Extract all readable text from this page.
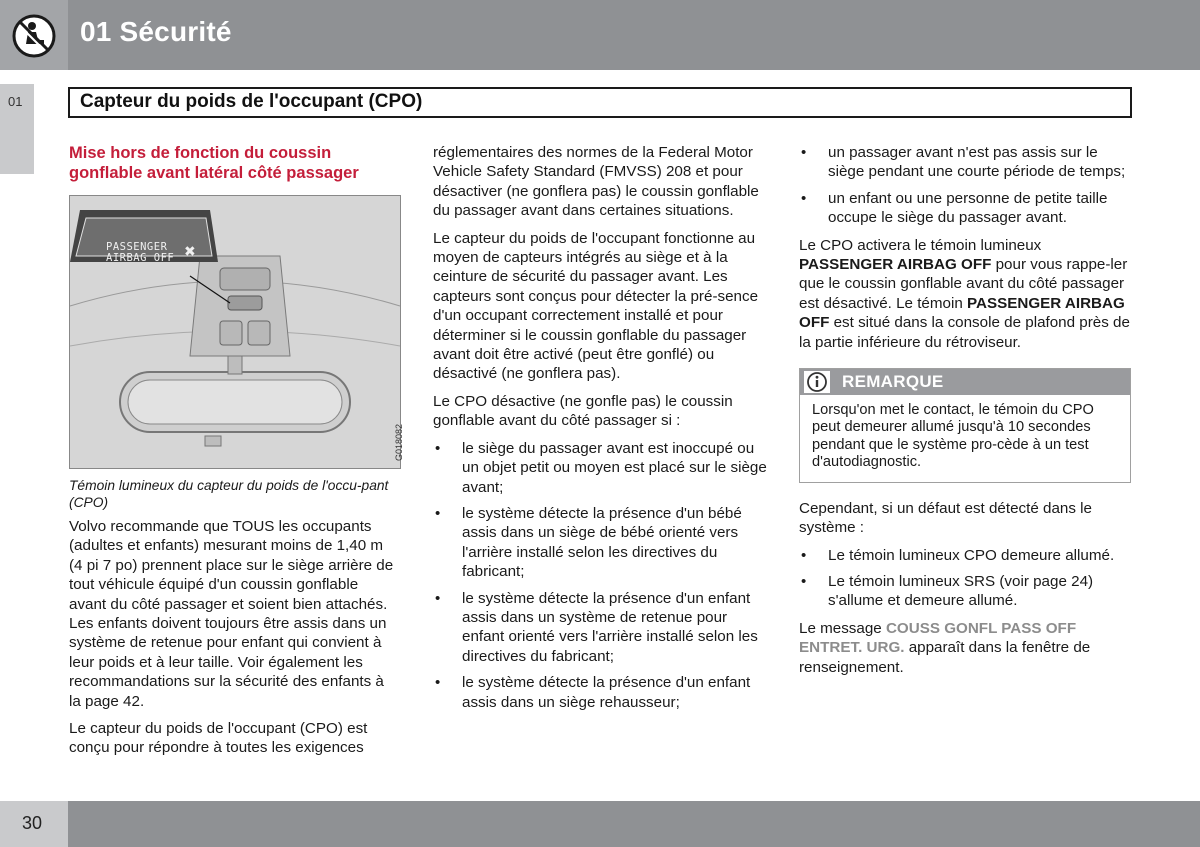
01 Sécurité
01	Capteur du poids de l'occupant (CPO)
Mise hors de fonction du coussin gonflable avant latéral côté passager
PASSENGER
AIRBAG OFF ✖
G018082

Témoin lumineux du capteur du poids de l'occu-pant (CPO)

Volvo recommande que TOUS les occupants (adultes et enfants) mesurant moins de 1,40 m (4 pi 7 po) prennent place sur le siège arrière de tout véhicule équipé d'un coussin gonflable avant du côté passager et soient bien attachés. Les enfants doivent toujours être assis dans un système de retenue pour enfant qui convient à leur poids et à leur taille. Voir également les recommandations sur la sécurité des enfants à la page 42.

Le capteur du poids de l'occupant (CPO) est conçu pour répondre à toutes les exigences

réglementaires des normes de la Federal Motor Vehicle Safety Standard (FMVSS) 208 et pour désactiver (ne gonflera pas) le coussin gonflable du passager avant dans certaines situations.

Le capteur du poids de l'occupant fonctionne au moyen de capteurs intégrés au siège et à la ceinture de sécurité du passager avant. Les capteurs sont conçus pour détecter la pré-sence d'un occupant correctement installé et pour déterminer si le coussin gonflable du passager avant doit être activé (peut être gonflé) ou désactivé (ne gonflera pas).

Le CPO désactive (ne gonfle pas) le coussin gonflable avant du côté passager si :

• le siège du passager avant est inoccupé ou un objet petit ou moyen est placé sur le siège avant;
• le système détecte la présence d'un bébé assis dans un siège de bébé orienté vers l'arrière installé selon les directives du fabricant;
• le système détecte la présence d'un enfant assis dans un système de retenue pour enfant orienté vers l'arrière installé selon les directives du fabricant;
• le système détecte la présence d'un enfant assis dans un siège rehausseur;
• un passager avant n'est pas assis sur le siège pendant une courte période de temps;
• un enfant ou une personne de petite taille occupe le siège du passager avant.

Le CPO activera le témoin lumineux PASSENGER AIRBAG OFF pour vous rappe-ler que le coussin gonflable avant du côté passager est désactivé. Le témoin PASSENGER AIRBAG OFF est situé dans la console de plafond près de la partie inférieure du rétroviseur.

REMARQUE
Lorsqu'on met le contact, le témoin du CPO peut demeurer allumé jusqu'à 10 secondes pendant que le système pro-cède à un test d'autodiagnostic.

Cependant, si un défaut est détecté dans le système :

• Le témoin lumineux CPO demeure allumé.
• Le témoin lumineux SRS (voir page 24) s'allume et demeure allumé.

Le message COUSS GONFL PASS OFF ENTRET. URG. apparaît dans la fenêtre de renseignement.

30
